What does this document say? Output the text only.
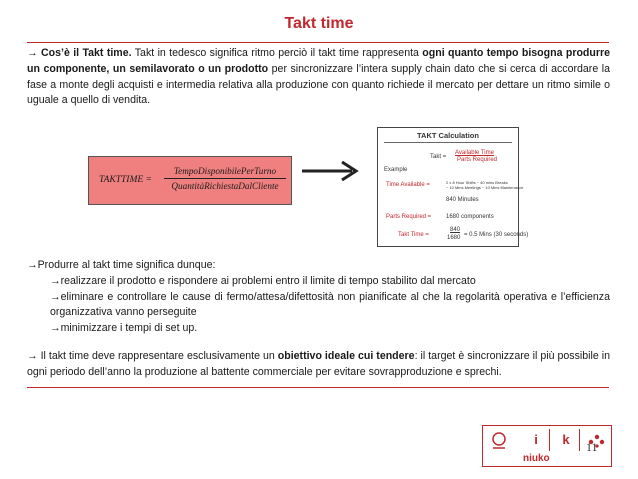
Takt time
→ Cos’è il Takt time. Takt in tedesco significa ritmo perciò il takt time rappresenta ogni quanto tempo bisogna produrre un componente, un semilavorato o un prodotto per sincronizzare l’intera supply chain dato che si cerca di accordare la fase a monte degli acquisti e intermedia relativa alla produzione con quanto richiede il mercato per dettare un ritmo simile o uguale a quello di vendita.
TAKTTIME =
TempoDisponibilePerTurno
QuantitàRichiestaDalCliente
TAKT Calculation
Takt =
Available Time
Parts Required
Example
Time Available =	2 x 8 Hour Shifts ~ 40 mins Breaks
~ 10 Mins Meetings ~ 10 Mins Maintenance
840 Minutes
Parts Required = 1680 components
Takt Time =
840
1680 = 0.5 Mins (30 seconds)
→Produrre al takt time significa dunque:
→realizzare il prodotto e rispondere ai problemi entro il limite di tempo stabilito dal mercato
→eliminare e controllare le cause di fermo/attesa/difettosità non pianificate al che la regolarità operativa e l’efficienza organizzativa vanno perseguite
→minimizzare i tempi di set up.
→ Il takt time deve rappresentare esclusivamente un obiettivo ideale cui tendere: il target è sincronizzare il più possibile in ogni periodo dell’anno la produzione al battente commerciale per evitare sovrapproduzione e sprechi.
i	k
niuko
11
